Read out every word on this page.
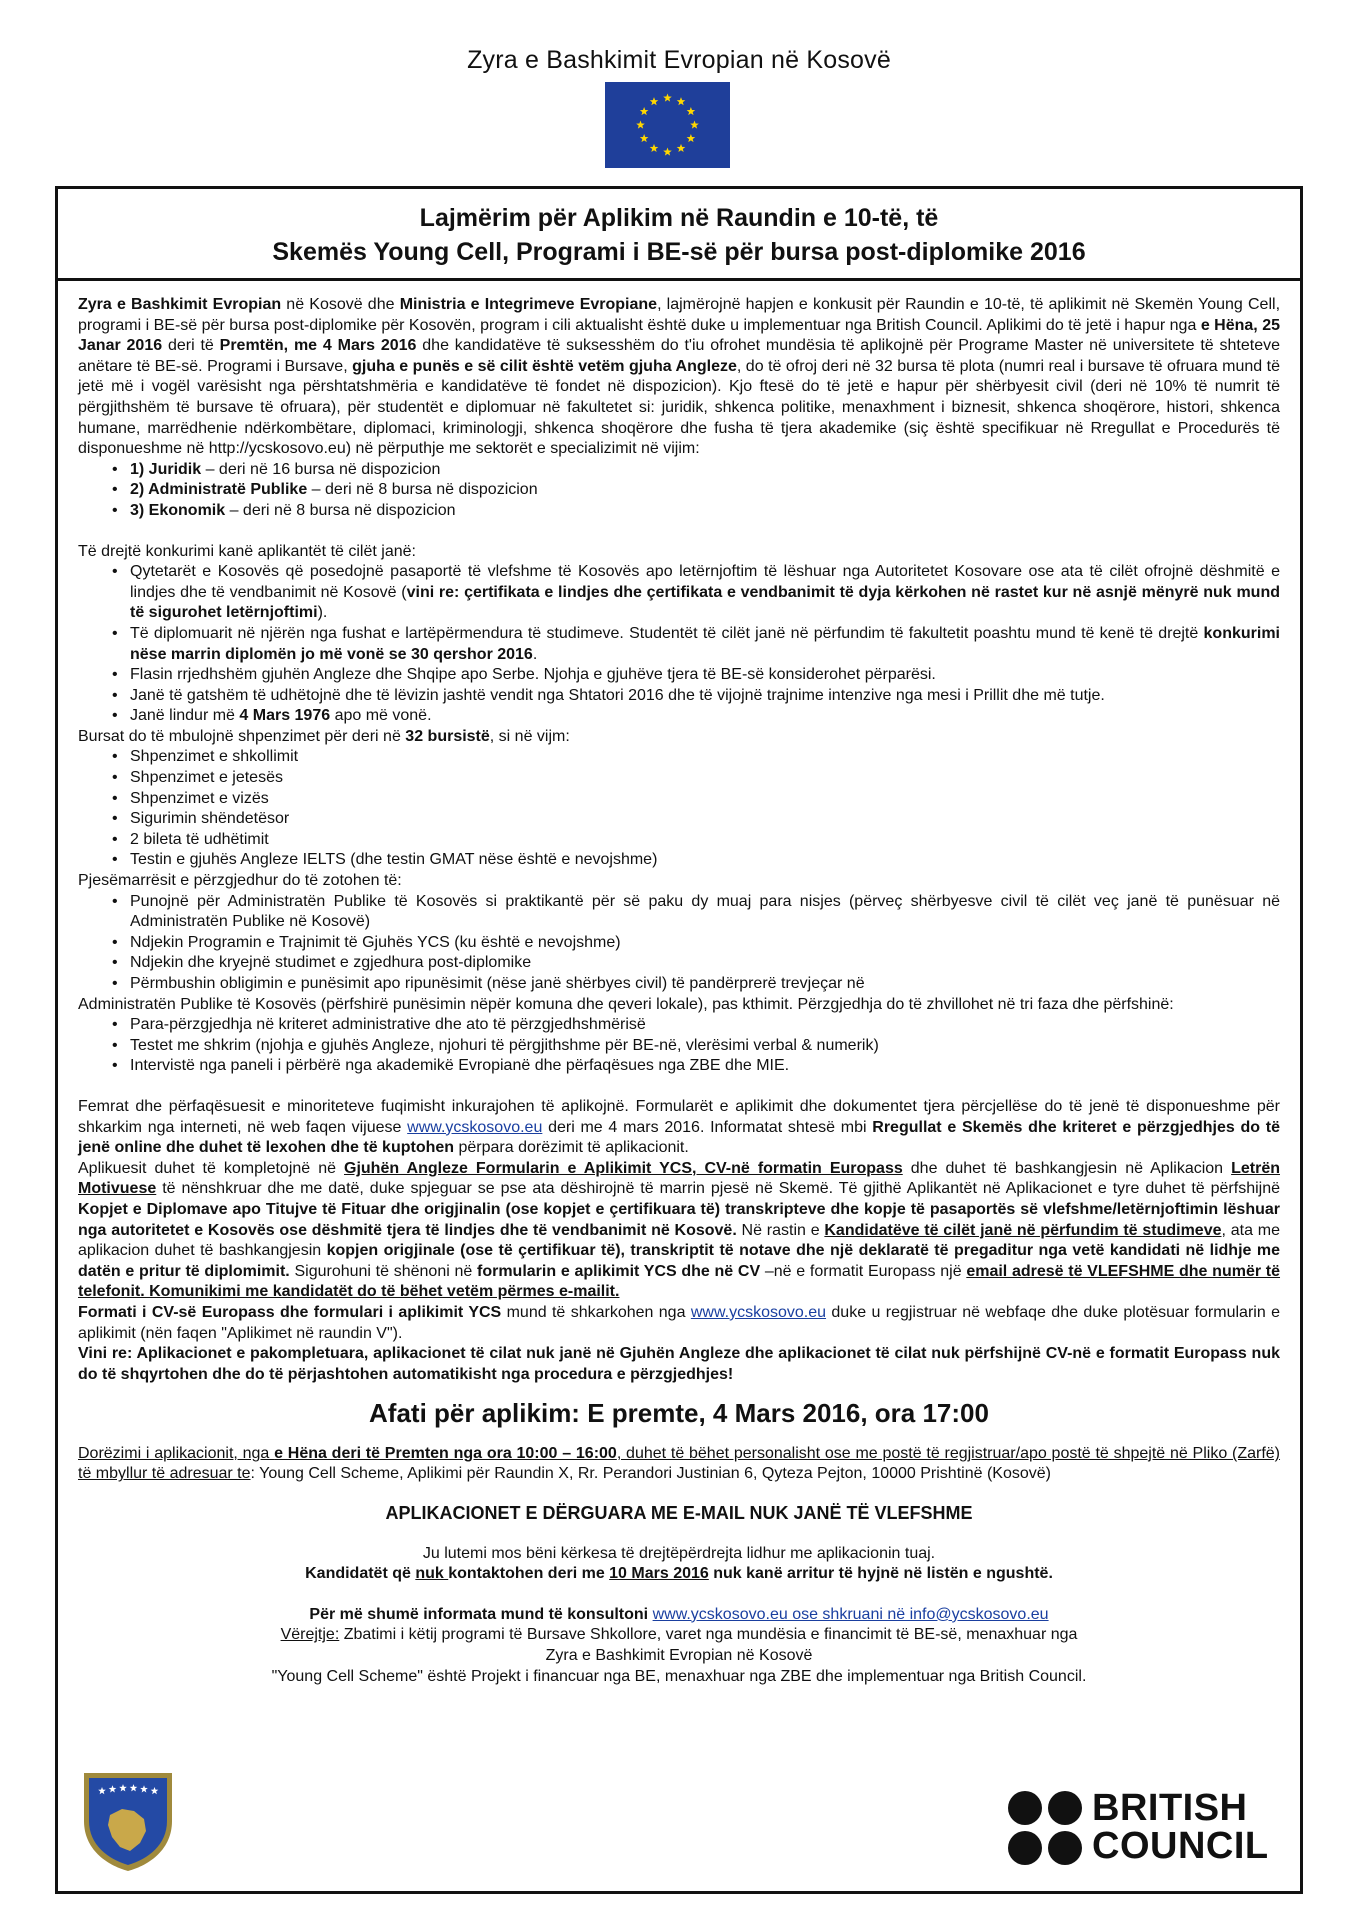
Zyra e Bashkimit Evropian në Kosovë
Lajmërim për Aplikim në Raundin e 10-të, të
Skemës Young Cell, Programi i BE-së për bursa post-diplomike 2016

Zyra e Bashkimit Evropian në Kosovë dhe Ministria e Integrimeve Evropiane, lajmërojnë hapjen e konkusit për Raundin e 10-të, të aplikimit në Skemën Young Cell, programi i BE-së për bursa post-diplomike për Kosovën, program i cili aktualisht është duke u implementuar nga British Council. Aplikimi do të jetë i hapur nga e Hëna, 25 Janar 2016 deri të Premtën, me 4 Mars 2016 dhe kandidatëve të suksesshëm do t'iu ofrohet mundësia të aplikojnë për Programe Master në universitete të shteteve anëtare të BE-së. Programi i Bursave, gjuha e punës e së cilit është vetëm gjuha Angleze, do të ofroj deri në 32 bursa të plota (numri real i bursave të ofruara mund të jetë më i vogël varësisht nga përshtatshmëria e kandidatëve të fondet në dispozicion). Kjo ftesë do të jetë e hapur për shërbyesit civil (deri në 10% të numrit të përgjithshëm të bursave të ofruara), për studentët e diplomuar në fakultetet si: juridik, shkenca politike, menaxhment i biznesit, shkenca shoqërore, histori, shkenca humane, marrëdhenie ndërkombëtare, diplomaci, kriminologji, shkenca shoqërore dhe fusha të tjera akademike (siç është specifikuar në Rregullat e Procedurës të disponueshme në http://ycskosovo.eu) në përputhje me sektorët e specializimit në vijim:

• 1) Juridik – deri në 16 bursa në dispozicion
• 2) Administratë Publike – deri në 8 bursa në dispozicion
• 3) Ekonomik – deri në 8 bursa në dispozicion

Të drejtë konkurimi kanë aplikantët të cilët janë:

• Qytetarët e Kosovës që posedojnë pasaportë të vlefshme të Kosovës apo letërnjoftim të lëshuar nga Autoritetet Kosovare ose ata të cilët ofrojnë dëshmitë e lindjes dhe të vendbanimit në Kosovë (vini re: çertifikata e lindjes dhe çertifikata e vendbanimit të dyja kërkohen në rastet kur në asnjë mënyrë nuk mund të sigurohet letërnjoftimi).
• Të diplomuarit në njërën nga fushat e lartëpërmendura të studimeve. Studentët të cilët janë në përfundim të fakultetit poashtu mund të kenë të drejtë konkurimi nëse marrin diplomën jo më vonë se 30 qershor 2016.
• Flasin rrjedhshëm gjuhën Angleze dhe Shqipe apo Serbe. Njohja e gjuhëve tjera të BE-së konsiderohet përparësi.
• Janë të gatshëm të udhëtojnë dhe të lëvizin jashtë vendit nga Shtatori 2016 dhe të vijojnë trajnime intenzive nga mesi i Prillit dhe më tutje.
• Janë lindur më 4 Mars 1976 apo më vonë.

Bursat do të mbulojnë shpenzimet për deri në 32 bursistë, si në vijm:

• Shpenzimet e shkollimit
• Shpenzimet e jetesës
• Shpenzimet e vizës
• Sigurimin shëndetësor
• 2 bileta të udhëtimit
• Testin e gjuhës Angleze IELTS (dhe testin GMAT nëse është e nevojshme)

Pjesëmarrësit e përzgjedhur do të zotohen të:

• Punojnë për Administratën Publike të Kosovës si praktikantë për së paku dy muaj para nisjes (përveç shërbyesve civil të cilët veç janë të punësuar në Administratën Publike në Kosovë)
• Ndjekin Programin e Trajnimit të Gjuhës YCS (ku është e nevojshme)
• Ndjekin dhe kryejnë studimet e zgjedhura post-diplomike
• Përmbushin obligimin e punësimit apo ripunësimit (nëse janë shërbyes civil) të pandërprerë trevjeçar në

Administratën Publike të Kosovës (përfshirë punësimin nëpër komuna dhe qeveri lokale), pas kthimit. Përzgjedhja do të zhvillohet në tri faza dhe përfshinë:

• Para-përzgjedhja në kriteret administrative dhe ato të përzgjedhshmërisë
• Testet me shkrim (njohja e gjuhës Angleze, njohuri të përgjithshme për BE-në, vlerësimi verbal & numerik)
• Intervistë nga paneli i përbërë nga akademikë Evropianë dhe përfaqësues nga ZBE dhe MIE.

Femrat dhe përfaqësuesit e minoriteteve fuqimisht inkurajohen të aplikojnë. Formularët e aplikimit dhe dokumentet tjera përcjellëse do të jenë të disponueshme për shkarkim nga interneti, në web faqen vijuese www.ycskosovo.eu deri me 4 mars 2016. Informatat shtesë mbi Rregullat e Skemës dhe kriteret e përzgjedhjes do të jenë online dhe duhet të lexohen dhe të kuptohen përpara dorëzimit të aplikacionit.

Aplikuesit duhet të kompletojnë në Gjuhën Angleze Formularin e Aplikimit YCS, CV-në formatin Europass dhe duhet të bashkangjesin në Aplikacion Letrën Motivuese të nënshkruar dhe me datë, duke spjeguar se pse ata dëshirojnë të marrin pjesë në Skemë. Të gjithë Aplikantët në Aplikacionet e tyre duhet të përfshijnë Kopjet e Diplomave apo Titujve të Fituar dhe origjinalin (ose kopjet e çertifikuara të) transkripteve dhe kopje të pasaportës së vlefshme/letërnjoftimin lëshuar nga autoritetet e Kosovës ose dëshmitë tjera të lindjes dhe të vendbanimit në Kosovë. Në rastin e Kandidatëve të cilët janë në përfundim të studimeve, ata me aplikacion duhet të bashkangjesin kopjen origjinale (ose të çertifikuar të), transkriptit të notave dhe një deklaratë të pregaditur nga vetë kandidati në lidhje me datën e pritur të diplomimit. Sigurohuni të shënoni në formularin e aplikimit YCS dhe në CV –në e formatit Europass një email adresë të VLEFSHME dhe numër të telefonit. Komunikimi me kandidatët do të bëhet vetëm përmes e-mailit.

Formati i CV-së Europass dhe formulari i aplikimit YCS mund të shkarkohen nga www.ycskosovo.eu duke u regjistruar në webfaqe dhe duke plotësuar formularin e aplikimit (nën faqen "Aplikimet në raundin V").

Vini re: Aplikacionet e pakompletuara, aplikacionet të cilat nuk janë në Gjuhën Angleze dhe aplikacionet të cilat nuk përfshijnë CV-në e formatit Europass nuk do të shqyrtohen dhe do të përjashtohen automatikisht nga procedura e përzgjedhjes!

Afati për aplikim: E premte, 4 Mars 2016, ora 17:00

Dorëzimi i aplikacionit, nga e Hëna deri të Premten nga ora 10:00 – 16:00, duhet të bëhet personalisht ose me postë të regjistruar/apo postë të shpejtë në Pliko (Zarfë) të mbyllur të adresuar te: Young Cell Scheme, Aplikimi për Raundin X, Rr. Perandori Justinian 6, Qyteza Pejton, 10000 Prishtinë (Kosovë)

APLIKACIONET E DËRGUARA ME E-MAIL NUK JANË TË VLEFSHME

Ju lutemi mos bëni kërkesa të drejtëpërdrejta lidhur me aplikacionin tuaj.

Kandidatët që nuk kontaktohen deri me 10 Mars 2016 nuk kanë arritur të hyjnë në listën e ngushtë.

Për më shumë informata mund të konsultoni www.ycskosovo.eu ose shkruani në info@ycskosovo.eu

Vërejtje: Zbatimi i këtij programi të Bursave Shkollore, varet nga mundësia e financimit të BE-së, menaxhuar nga

Zyra e Bashkimit Evropian në Kosovë

"Young Cell Scheme" është Projekt i financuar nga BE, menaxhuar nga ZBE dhe implementuar nga British Council.

BRITISH
COUNCIL
